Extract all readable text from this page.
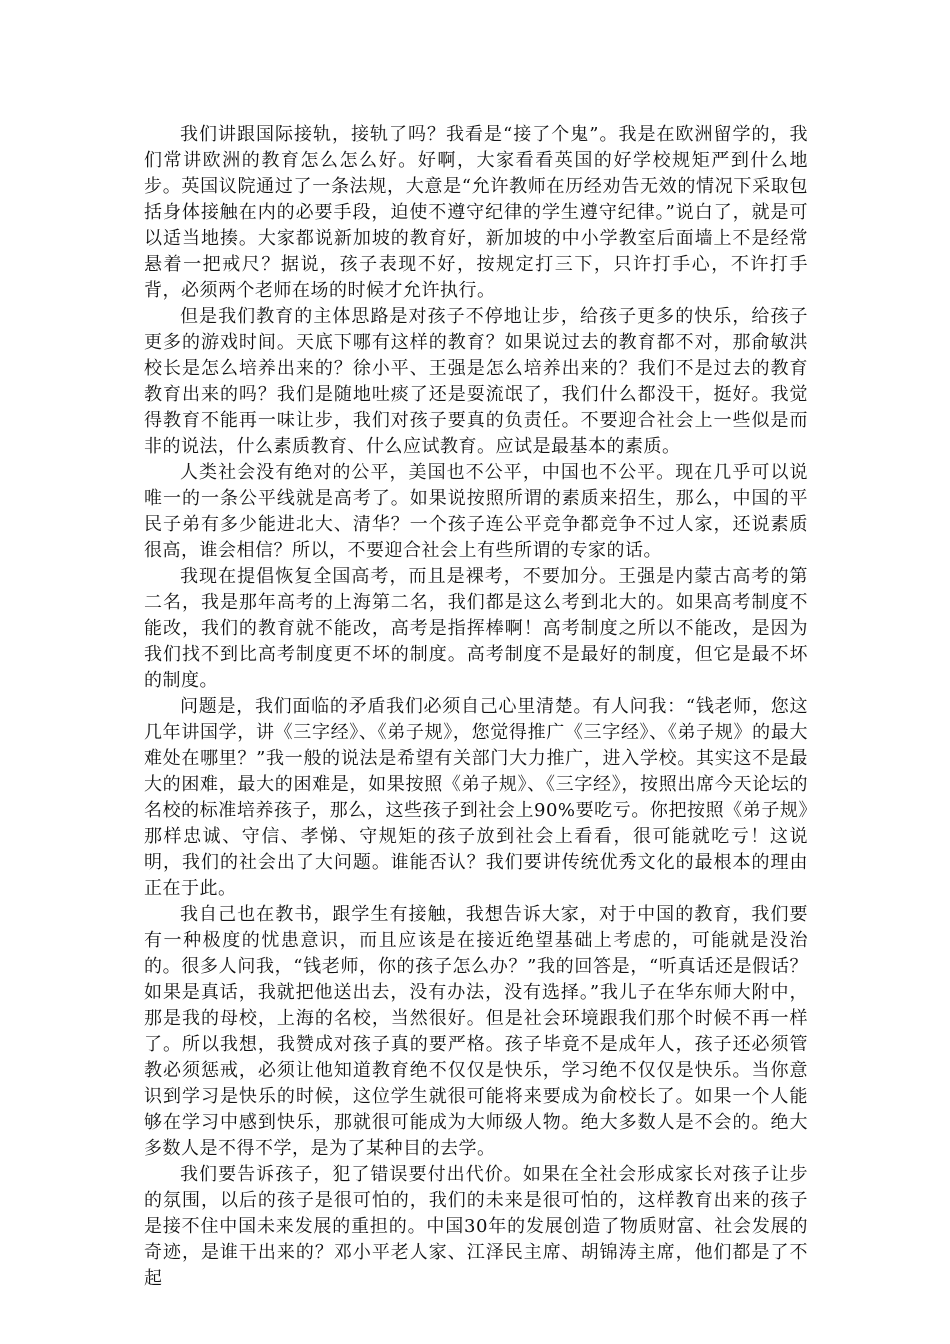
我们讲跟国际接轨，接轨了吗？我看是“接了个鬼”。我是在欧洲留学的，我们常讲欧洲的教育怎么怎么好。好啊，大家看看英国的好学校规矩严到什么地步。英国议院通过了一条法规，大意是“允许教师在历经劝告无效的情况下采取包括身体接触在内的必要手段，迫使不遵守纪律的学生遵守纪律。”说白了，就是可以适当地揍。大家都说新加坡的教育好，新加坡的中小学教室后面墙上不是经常悬着一把戒尺？据说，孩子表现不好，按规定打三下，只许打手心，不许打手背，必须两个老师在场的时候才允许执行。

但是我们教育的主体思路是对孩子不停地让步，给孩子更多的快乐，给孩子更多的游戏时间。天底下哪有这样的教育？如果说过去的教育都不对，那俞敏洪校长是怎么培养出来的？徐小平、王强是怎么培养出来的？我们不是过去的教育教育出来的吗？我们是随地吐痰了还是耍流氓了，我们什么都没干，挺好。我觉得教育不能再一味让步，我们对孩子要真的负责任。不要迎合社会上一些似是而非的说法，什么素质教育、什么应试教育。应试是最基本的素质。

人类社会没有绝对的公平，美国也不公平，中国也不公平。现在几乎可以说唯一的一条公平线就是高考了。如果说按照所谓的素质来招生，那么，中国的平民子弟有多少能进北大、清华？一个孩子连公平竞争都竞争不过人家，还说素质很高，谁会相信？所以，不要迎合社会上有些所谓的专家的话。

我现在提倡恢复全国高考，而且是裸考，不要加分。王强是内蒙古高考的第二名，我是那年高考的上海第二名，我们都是这么考到北大的。如果高考制度不能改，我们的教育就不能改，高考是指挥棒啊！高考制度之所以不能改，是因为我们找不到比高考制度更不坏的制度。高考制度不是最好的制度，但它是最不坏的制度。

问题是，我们面临的矛盾我们必须自己心里清楚。有人问我：“钱老师，您这几年讲国学，讲《三字经》、《弟子规》，您觉得推广《三字经》、《弟子规》的最大难处在哪里？”我一般的说法是希望有关部门大力推广，进入学校。其实这不是最大的困难，最大的困难是，如果按照《弟子规》、《三字经》，按照出席今天论坛的名校的标准培养孩子，那么，这些孩子到社会上90%要吃亏。你把按照《弟子规》那样忠诚、守信、孝悌、守规矩的孩子放到社会上看看，很可能就吃亏！这说明，我们的社会出了大问题。谁能否认？我们要讲传统优秀文化的最根本的理由正在于此。

我自己也在教书，跟学生有接触，我想告诉大家，对于中国的教育，我们要有一种极度的忧患意识，而且应该是在接近绝望基础上考虑的，可能就是没治的。很多人问我，“钱老师，你的孩子怎么办？”我的回答是，“听真话还是假话？如果是真话，我就把他送出去，没有办法，没有选择。”我儿子在华东师大附中，那是我的母校，上海的名校，当然很好。但是社会环境跟我们那个时候不再一样了。所以我想，我赞成对孩子真的要严格。孩子毕竟不是成年人，孩子还必须管教必须惩戒，必须让他知道教育绝不仅仅是快乐，学习绝不仅仅是快乐。当你意识到学习是快乐的时候，这位学生就很可能将来要成为俞校长了。如果一个人能够在学习中感到快乐，那就很可能成为大师级人物。绝大多数人是不会的。绝大多数人是不得不学，是为了某种目的去学。

我们要告诉孩子，犯了错误要付出代价。如果在全社会形成家长对孩子让步的氛围，以后的孩子是很可怕的，我们的未来是很可怕的，这样教育出来的孩子是接不住中国未来发展的重担的。中国30年的发展创造了物质财富、社会发展的奇迹，是谁干出来的？邓小平老人家、江泽民主席、胡锦涛主席，他们都是了不起
